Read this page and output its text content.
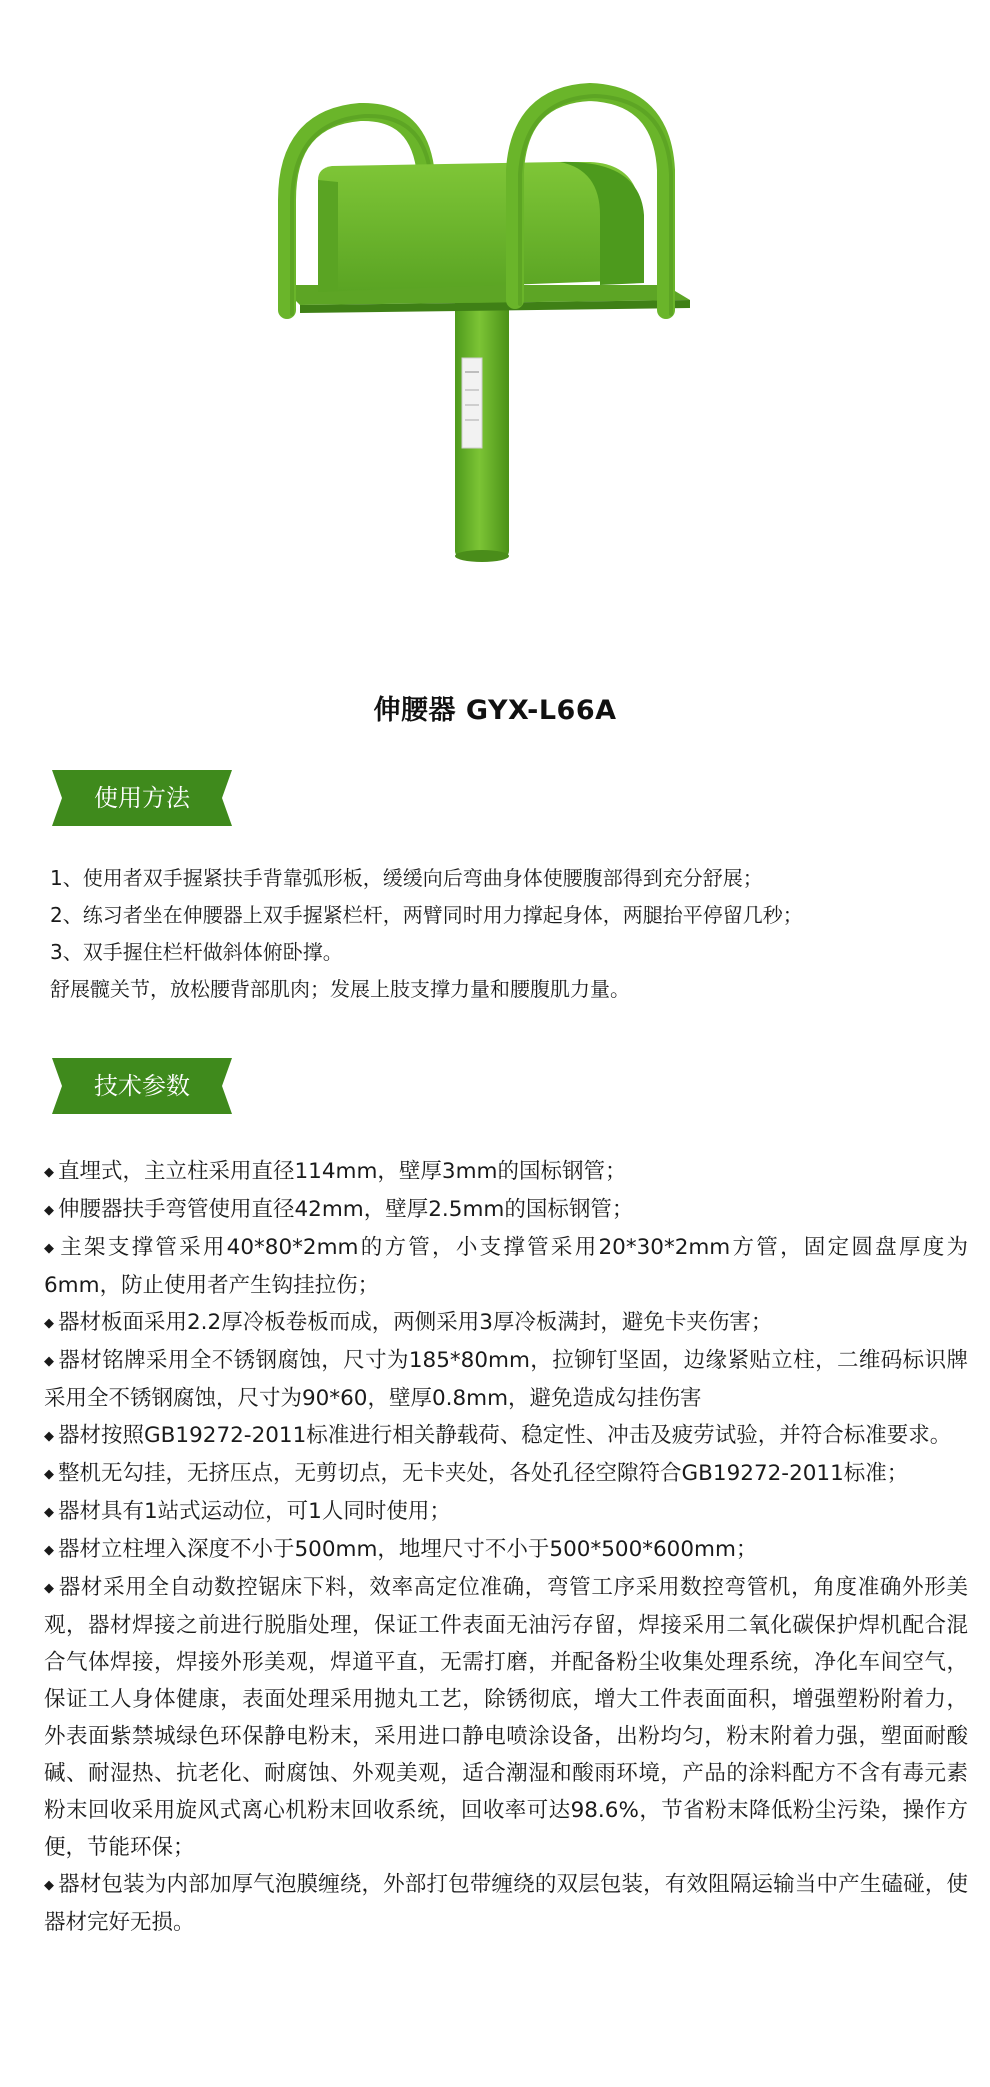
伸腰器 GYX-L66A
使用方法
1、使用者双手握紧扶手背靠弧形板，缓缓向后弯曲身体使腰腹部得到充分舒展；
2、练习者坐在伸腰器上双手握紧栏杆，两臂同时用力撑起身体，两腿抬平停留几秒；
3、双手握住栏杆做斜体俯卧撑。
舒展髋关节，放松腰背部肌肉；发展上肢支撑力量和腰腹肌力量。
技术参数
◆ 直埋式，主立柱采用直径114mm，壁厚3mm的国标钢管；
◆ 伸腰器扶手弯管使用直径42mm，壁厚2.5mm的国标钢管；
◆ 主架支撑管采用40*80*2mm的方管，小支撑管采用20*30*2mm方管，固定圆盘厚度为6mm，防止使用者产生钩挂拉伤；
◆ 器材板面采用2.2厚冷板卷板而成，两侧采用3厚冷板满封，避免卡夹伤害；
◆ 器材铭牌采用全不锈钢腐蚀，尺寸为185*80mm，拉铆钉坚固，边缘紧贴立柱，二维码标识牌采用全不锈钢腐蚀，尺寸为90*60，壁厚0.8mm，避免造成勾挂伤害
◆ 器材按照GB19272-2011标准进行相关静载荷、稳定性、冲击及疲劳试验，并符合标准要求。
◆ 整机无勾挂，无挤压点，无剪切点，无卡夹处，各处孔径空隙符合GB19272-2011标准；
◆ 器材具有1站式运动位，可1人同时使用；
◆ 器材立柱埋入深度不小于500mm，地埋尺寸不小于500*500*600mm；
◆ 器材采用全自动数控锯床下料，效率高定位准确，弯管工序采用数控弯管机，角度准确外形美观，器材焊接之前进行脱脂处理，保证工件表面无油污存留，焊接采用二氧化碳保护焊机配合混合气体焊接，焊接外形美观，焊道平直，无需打磨，并配备粉尘收集处理系统，净化车间空气，保证工人身体健康，表面处理采用抛丸工艺，除锈彻底，增大工件表面面积，增强塑粉附着力，外表面紫禁城绿色环保静电粉末，采用进口静电喷涂设备，出粉均匀，粉末附着力强，塑面耐酸碱、耐湿热、抗老化、耐腐蚀、外观美观，适合潮湿和酸雨环境，产品的涂料配方不含有毒元素粉末回收采用旋风式离心机粉末回收系统，回收率可达98.6%，节省粉末降低粉尘污染，操作方便，节能环保；
◆ 器材包装为内部加厚气泡膜缠绕，外部打包带缠绕的双层包装，有效阻隔运输当中产生磕碰，使器材完好无损。
